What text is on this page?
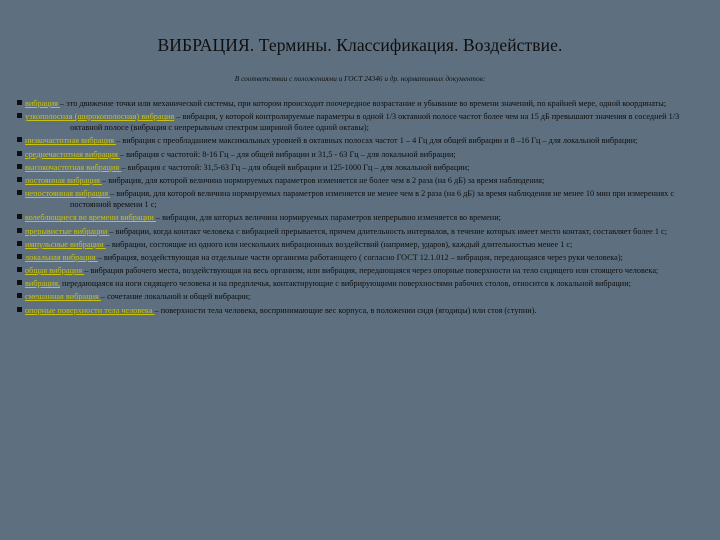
ВИБРАЦИЯ. Термины. Классификация. Воздействие.
В соответствии с положениями и ГОСТ 24346 и др. нормативных документов:
вибрация – это движение точки или механической системы, при котором происходит поочередное возрастание и убывание во времени значений, по крайней мере, одной координаты;
узкополосная (широкополосная) вибрация – вибрация, у которой контролируемые параметры в одной 1/3 октавной полосе частот более чем на 15 дБ превышают значения в соседней 1/3 октавной полосе (вибрация с непрерывным спектром шириной более одной октавы);
низкочастотная вибрация – вибрация с преобладанием максимальных уровней в октавных полосах частот 1 – 4 Гц для общей вибрации и 8 –16 Гц – для локальной вибрации;
среднечастотная вибрация – вибрация с частотой: 8-16 Гц – для общей вибрации и 31,5 - 63 Гц – для локальной вибрации;
высокочастотная вибрация – вибрация с частотой: 31,5-63 Гц – для общей вибрации и 125-1000 Гц – для локальной вибрации;
постоянная вибрация – вибрация, для которой величина нормируемых параметров изменяется не более чем в 2 раза (на 6 дБ) за время наблюдения;
непостоянная вибрация – вибрация, для которой величина нормируемых параметров изменяется не менее чем в 2 раза (на 6 дБ) за время наблюдения не менее 10 мин при измерениях с постоянной времени 1 с;
колеблющиеся во времени вибрации – вибрации, для которых величина нормируемых параметров непрерывно изменяется во времени;
прерывистые вибрации – вибрации, когда контакт человека с вибрацией прерывается, причем длительность интервалов, в течение которых имеет место контакт, составляет более 1 с;
импульсные вибрации – вибрации, состоящие из одного или нескольких вибрационных воздействий (например, ударов), каждый длительностью менее 1 с;
локальная вибрация – вибрация, воздействующая на отдельные части организма работающего ( согласно ГОСТ 12.1.012 – вибрация, передающаяся через руки человека);
общая вибрация – вибрация рабочего места, воздействующая на весь организм, или вибрация, передающаяся через опорные поверхности на тело сидящего или стоящего человека;
вибрация, передающаяся на ноги сидящего человека и на предплечья, контактирующие с вибрирующими поверхностями рабочих столов, относится к локальной вибрации;
смешанная вибрация – сочетание локальной и общей вибрации;
опорные поверхности тела человека – поверхности тела человека, воспринимающие вес корпуса, в положении сидя (ягодицы) или стоя (ступни).
